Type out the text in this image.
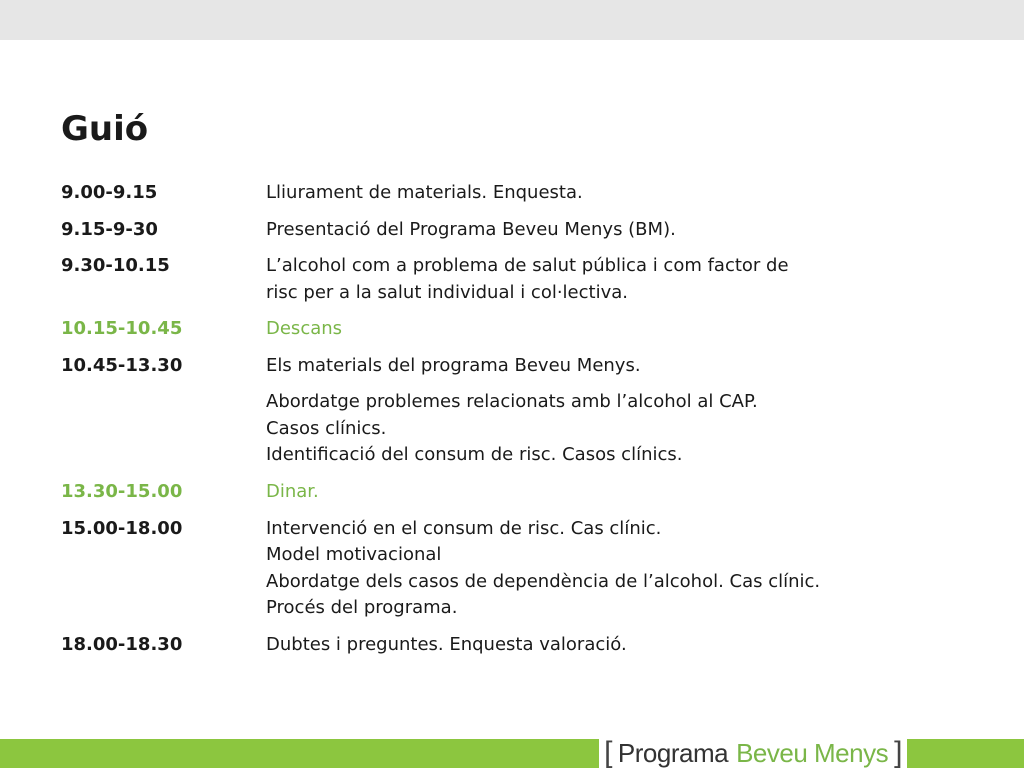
Guió
9.00-9.15	Lliurament de materials. Enquesta.
9.15-9-30	Presentació del Programa Beveu Menys (BM).
9.30-10.15	L’alcohol com a problema de salut pública i com factor de
risc per a la salut individual i col·lectiva.
10.15-10.45	Descans
10.45-13.30	Els materials del programa Beveu Menys.
Abordatge problemes relacionats amb l’alcohol al CAP.
Casos clínics.
Identificació del consum de risc. Casos clínics.
13.30-15.00	Dinar.
15.00-18.00	Intervenció en el consum de risc. Cas clínic.
Model motivacional
Abordatge dels casos de dependència de l’alcohol. Cas clínic.
Procés del programa.
18.00-18.30	Dubtes i preguntes. Enquesta valoració.
[ Programa Beveu Menys ]
